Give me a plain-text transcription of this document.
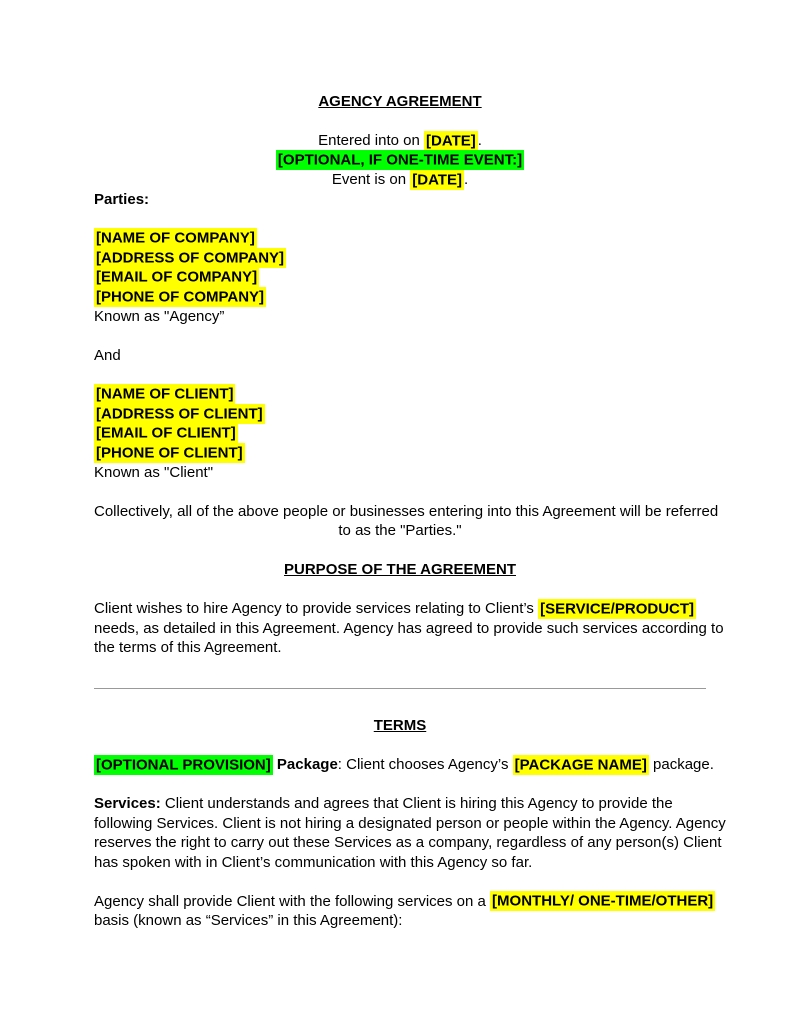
AGENCY AGREEMENT

Entered into on [DATE] .
[OPTIONAL, IF ONE-TIME EVENT:]
Event is on [DATE] .
Parties:

[NAME OF COMPANY]
[ADDRESS OF COMPANY]
[EMAIL OF COMPANY]
[PHONE OF COMPANY]
Known as "Agency”

And

[NAME OF CLIENT]
[ADDRESS OF CLIENT]
[EMAIL OF CLIENT]
[PHONE OF CLIENT]
Known as "Client"

Collectively, all of the above people or businesses entering into this Agreement will be referred
to as the "Parties."

PURPOSE OF THE AGREEMENT

Client wishes to hire Agency to provide services relating to Client’s [SERVICE/PRODUCT]
needs, as detailed in this Agreement. Agency has agreed to provide such services according to
the terms of this Agreement.

TERMS

[OPTIONAL PROVISION] Package: Client chooses Agency’s [PACKAGE NAME] package.

Services: Client understands and agrees that Client is hiring this Agency to provide the
following Services. Client is not hiring a designated person or people within the Agency. Agency
reserves the right to carry out these Services as a company, regardless of any person(s) Client
has spoken with in Client’s communication with this Agency so far.

Agency shall provide Client with the following services on a [MONTHLY/ ONE-TIME/OTHER]
basis (known as “Services” in this Agreement):
